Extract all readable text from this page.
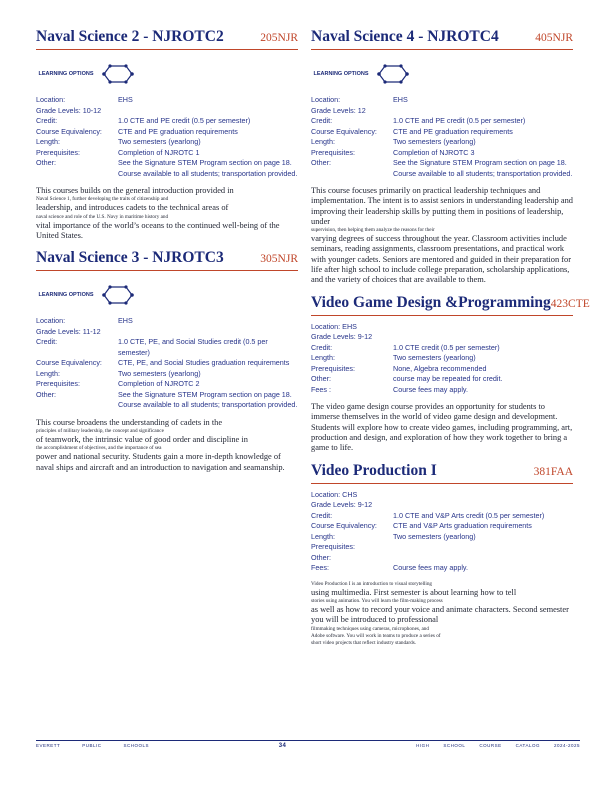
Naval Science 2 - NJROTC2	205NJR
LEARNING OPTIONS
Location:	EHS
Grade Levels: 10-12
Credit:	1.0 CTE and PE credit (0.5 per semester)
Course Equivalency:	CTE and PE graduation requirements
Length:	Two semesters (yearlong)
Prerequisites:	Completion of NJROTC 1
Other:	See the Signature STEM Program section on page 18. Course available to all students; transportation provided.
This courses builds on the general introduction provided in
Naval Science 1, further developing the traits of citizenship and
leadership, and introduces cadets to the technical areas of
naval science and role of the U.S. Navy in maritime history and
vital importance of the world’s oceans to the continued well-being of the United States.
Naval Science 3 - NJROTC3	305NJR
LEARNING OPTIONS
Location:	EHS
Grade Levels: 11-12
Credit:	1.0 CTE, PE, and Social Studies credit (0.5 per semester)
Course Equivalency:	CTE, PE, and Social Studies graduation requirements
Length:	Two semesters (yearlong)
Prerequisites:	Completion of NJROTC 2
Other:	See the Signature STEM Program section on page 18. Course available to all students; transportation provided.
This course broadens the understanding of cadets in the
principles of military leadership, the concept and significance
of teamwork, the intrinsic value of good order and discipline in
the accomplishment of objectives, and the importance of sea
power and national security. Students gain a more in-depth knowledge of naval ships and aircraft and an introduction to navigation and seamanship.
Naval Science 4 - NJROTC4	405NJR
LEARNING OPTIONS
Location:	EHS
Grade Levels: 12
Credit:	1.0 CTE and PE credit (0.5 per semester)
Course Equivalency:	CTE and PE graduation requirements
Length:	Two semesters (yearlong)
Prerequisites:	Completion of NJROTC 3
Other:	See the Signature STEM Program section on page 18. Course available to all students; transportation provided.
This course focuses primarily on practical leadership techniques and implementation. The intent is to assist seniors in understanding leadership and improving their leadership skills by putting them in positions of leadership, under
supervision, then helping them analyze the reasons for their
varying degrees of success throughout the year. Classroom activities include seminars, reading assignments, classroom presentations, and practical work with younger cadets. Seniors are mentored and guided in their preparation for life after high school to include college preparation, scholarship applications, and the variety of choices that are available to them.
Video Game Design &Programming 423CTE
Location: EHS
Grade Levels: 9-12
Credit:	1.0 CTE credit (0.5 per semester)
Length:	Two semesters (yearlong)
Prerequisites:	None, Algebra recommended
Other:	course may be repeated for credit.
Fees :	Course fees may apply.
The video game design course provides an opportunity for students to immerse themselves in the world of video game design and development. Students will explore how to create video games, including programming, art, production and design, and exploration of how they work together to bring a game to life.
Video Production I	381FAA
Location: CHS
Grade Levels: 9-12
Credit:	1.0 CTE and V&P Arts credit (0.5 per semester)
Course Equivalency:	CTE and V&P Arts graduation requirements
Length:	Two semesters (yearlong)
Prerequisites:
Other:
Fees:	Course fees may apply.
Video Production I is an introduction to visual storytelling
using multimedia. First semester is about learning how to tell
stories using animation. You will learn the film-making process
as well as how to record your voice and animate characters. Second semester you will be introduced to professional
filmmaking techniques using cameras, microphones, and
Adobe software. You will work in teams to produce a series of
short video projects that reflect industry standards.
EVERETT	PUBLIC	SCHOOLS	34	HIGH	SCHOOL	COURSE	CATALOG	2024-2025
